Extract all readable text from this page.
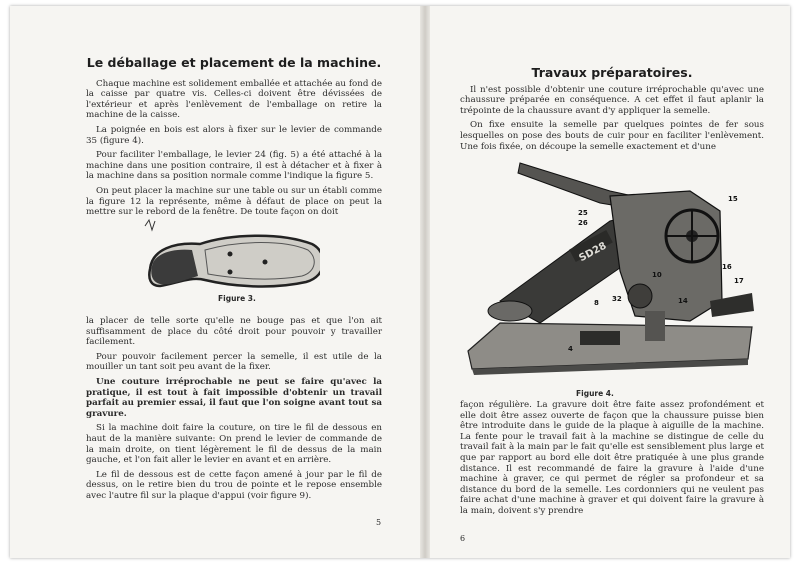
Le déballage et placement de la machine.

Chaque machine est solidement emballée et attachée au fond de la caisse par quatre vis. Celles-ci doivent être dévissées de l'extérieur et après l'enlèvement de l'emballage on retire la machine de la caisse.

La poignée en bois est alors à fixer sur le levier de commande 35 (figure 4).

Pour faciliter l'emballage, le levier 24 (fig. 5) a été attaché à la machine dans une position contraire, il est à détacher et à fixer à la machine dans sa position normale comme l'indique la figure 5.

On peut placer la machine sur une table ou sur un établi comme la figure 12 la représente, même à défaut de place on peut la mettre sur le rebord de la fenêtre. De toute façon on doit

Figure 3.

la placer de telle sorte qu'elle ne bouge pas et que l'on ait suffisamment de place du côté droit pour pouvoir y travailler facilement.

Pour pouvoir facilement percer la semelle, il est utile de la mouiller un tant soit peu avant de la fixer.

Une couture irréprochable ne peut se faire qu'avec la pratique, il est tout à fait impossible d'obtenir un travail parfait au premier essai, il faut que l'on soigne avant tout sa gravure.

Si la machine doit faire la couture, on tire le fil de dessous en haut de la manière suivante: On prend le levier de commande de la main droite, on tient légèrement le fil de dessus de la main gauche, et l'on fait aller le levier en avant et en arrière.

Le fil de dessous est de cette façon amené à jour par le fil de dessus, on le retire bien du trou de pointe et le repose ensemble avec l'autre fil sur la plaque d'appui (voir figure 9).

5
Travaux préparatoires.

Il n'est possible d'obtenir une couture irréprochable qu'avec une chaussure préparée en conséquence. A cet effet il faut aplanir la trépointe de la chaussure avant d'y appliquer la semelle.

On fixe ensuite la semelle par quelques pointes de fer sous lesquelles on pose des bouts de cuir pour en faciliter l'enlèvement. Une fois fixée, on découpe la semelle exactement et d'une

SD28
25
26
15
16
17
10
32	14
8
4
Figure 4.

façon régulière. La gravure doit être faite assez profondément et elle doit être assez ouverte de façon que la chaussure puisse bien être introduite dans le guide de la plaque à aiguille de la machine. La fente pour le travail fait à la machine se distingue de celle du travail fait à la main par le fait qu'elle est sensiblement plus large et que par rapport au bord elle doit être pratiquée à une plus grande distance. Il est recommandé de faire la gravure à l'aide d'une machine à graver, ce qui permet de régler sa profondeur et sa distance du bord de la semelle. Les cordonniers qui ne veulent pas faire achat d'une machine à graver et qui doivent faire la gravure à la main, doivent s'y prendre

6
